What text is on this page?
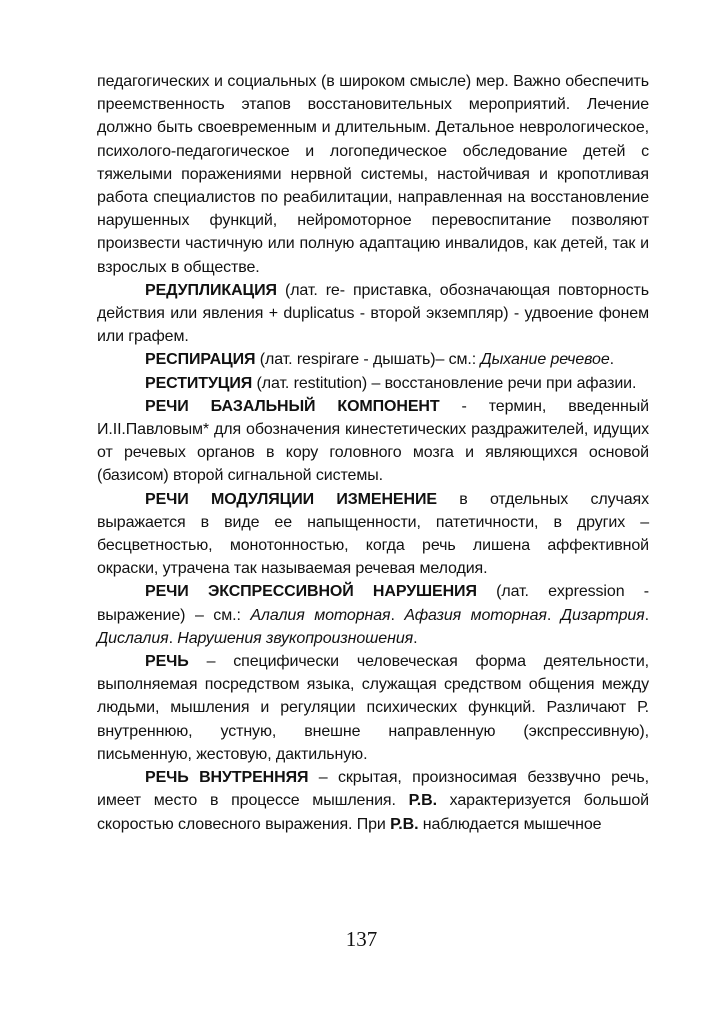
педагогических и социальных (в широком смысле) мер. Важно обеспечить преемственность этапов восстановительных мероприятий. Лечение должно быть своевременным и длительным. Детальное неврологическое, психолого-педагогическое и логопедическое обследование детей с тяжелыми поражениями нервной системы, настойчивая и кропотливая работа специалистов по реабилитации, направленная на восстановление нарушенных функций, нейромоторное перевоспитание позволяют произвести частичную или полную адаптацию инвалидов, как детей, так и взрослых в обществе.

РЕДУПЛИКАЦИЯ (лат. re- приставка, обозначающая повторность действия или явления + duplicatus - второй экземпляр) - удвоение фонем или графем.

РЕСПИРАЦИЯ (лат. respirare - дышать)– см.: Дыхание речевое.

РЕСТИТУЦИЯ (лат. restitution) – восстановление речи при афазии.

РЕЧИ БАЗАЛЬНЫЙ КОМПОНЕНТ - термин, введенный И.II.Павловым* для обозначения кинестетических раздражителей, идущих от речевых органов в кору головного мозга и являющихся основой (базисом) второй сигнальной системы.

РЕЧИ МОДУЛЯЦИИ ИЗМЕНЕНИЕ в отдельных случаях выражается в виде ее напыщенности, патетичности, в других – бесцветностью, монотонностью, когда речь лишена аффективной окраски, утрачена так называемая речевая мелодия.

РЕЧИ ЭКСПРЕССИВНОЙ НАРУШЕНИЯ (лат. expression - выражение) – см.: Алалия моторная. Афазия моторная. Дизартрия. Дислалия. Нарушения звукопроизношения.

РЕЧЬ – специфически человеческая форма деятельности, выполняемая посредством языка, служащая средством общения между людьми, мышления и регуляции психических функций. Различают Р. внутреннюю, устную, внешне направленную (экспрессивную), письменную, жестовую, дактильную.

РЕЧЬ ВНУТРЕННЯЯ – скрытая, произносимая беззвучно речь, имеет место в процессе мышления. Р.В. характеризуется большой скоростью словесного выражения. При Р.В. наблюдается мышечное

137
